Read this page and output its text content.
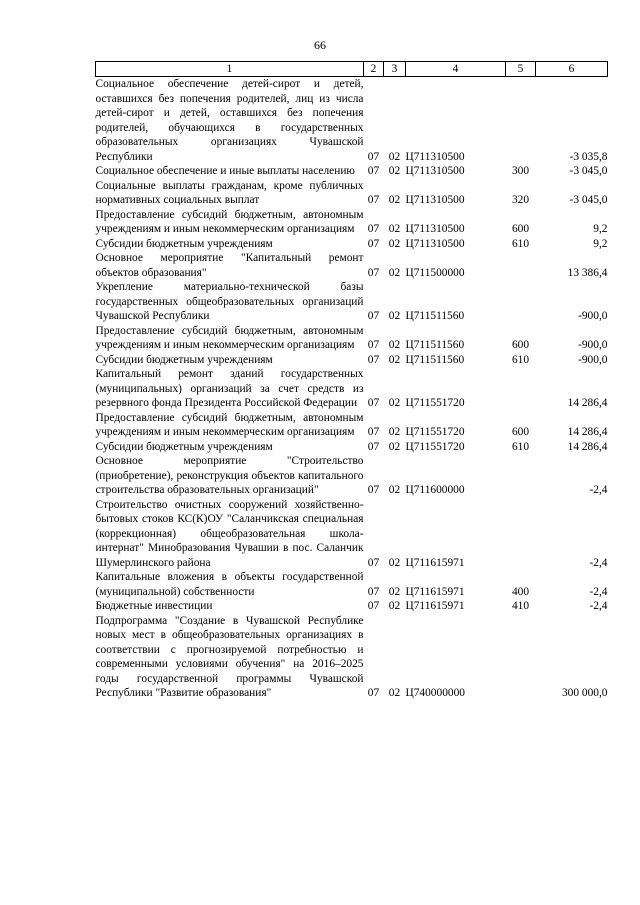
66
1	2	3	4	5	6
Социальное обеспечение детей-сирот и детей, оставшихся без попечения родителей, лиц из числа детей-сирот и детей, оставшихся без попечения родителей, обучающихся в государственных образовательных организациях Чувашской Республики	07	02	Ц711310500		-3 035,8
Социальное обеспечение и иные выплаты населению	07	02	Ц711310500	300	-3 045,0
Социальные выплаты гражданам, кроме публичных нормативных социальных выплат	07	02	Ц711310500	320	-3 045,0
Предоставление субсидий бюджетным, автономным учреждениям и иным некоммерческим организациям	07	02	Ц711310500	600	9,2
Субсидии бюджетным учреждениям	07	02	Ц711310500	610	9,2
Основное мероприятие "Капитальный ремонт объектов образования"	07	02	Ц711500000		13 386,4
Укрепление материально-технической базы государственных общеобразовательных организаций Чувашской Республики	07	02	Ц711511560		-900,0
Предоставление субсидий бюджетным, автономным учреждениям и иным некоммерческим организациям	07	02	Ц711511560	600	-900,0
Субсидии бюджетным учреждениям	07	02	Ц711511560	610	-900,0
Капитальный ремонт зданий государственных (муниципальных) организаций за счет средств из резервного фонда Президента Российской Федерации	07	02	Ц711551720		14 286,4
Предоставление субсидий бюджетным, автономным учреждениям и иным некоммерческим организациям	07	02	Ц711551720	600	14 286,4
Субсидии бюджетным учреждениям	07	02	Ц711551720	610	14 286,4
Основное мероприятие "Строительство (приобретение), реконструкция объектов капитального строительства образовательных организаций"	07	02	Ц711600000		-2,4
Строительство очистных сооружений хозяйственно-бытовых стоков КС(К)ОУ "Саланчикская специальная (коррекционная) общеобразовательная школа-интернат" Минобразования Чувашии в пос. Саланчик Шумерлинского района	07	02	Ц711615971		-2,4
Капитальные вложения в объекты государственной (муниципальной) собственности	07	02	Ц711615971	400	-2,4
Бюджетные инвестиции	07	02	Ц711615971	410	-2,4
Подпрограмма "Создание в Чувашской Республике новых мест в общеобразовательных организациях в соответствии с прогнозируемой потребностью и современными условиями обучения" на 2016–2025 годы государственной программы Чувашской Республики "Развитие образования"	07	02	Ц740000000		300 000,0
